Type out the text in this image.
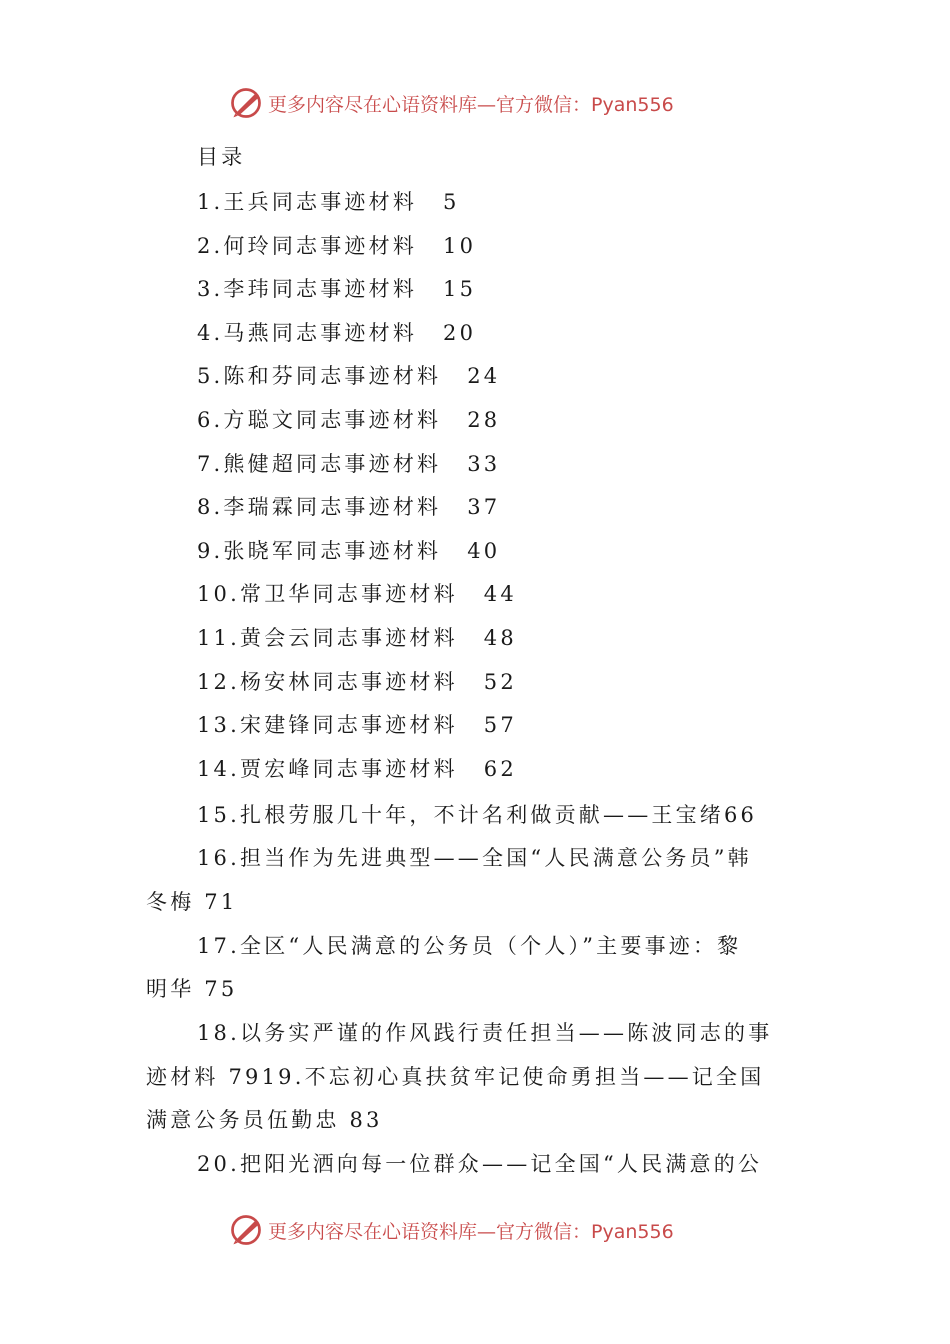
更多内容尽在心语资料库—官方微信：Pyan556
目录
1.王兵同志事迹材料 5
2.何玲同志事迹材料 10
3.李玮同志事迹材料 15
4.马燕同志事迹材料 20
5.陈和芬同志事迹材料 24
6.方聪文同志事迹材料 28
7.熊健超同志事迹材料 33
8.李瑞霖同志事迹材料 37
9.张晓军同志事迹材料 40
10.常卫华同志事迹材料 44
11.黄会云同志事迹材料 48
12.杨安林同志事迹材料 52
13.宋建锋同志事迹材料 57
14.贾宏峰同志事迹材料 62
15.扎根劳服几十年，不计名利做贡献——王宝绪66
16.担当作为先进典型——全国“人民满意公务员”韩
冬梅 71
17.全区“人民满意的公务员（个人）”主要事迹：黎
明华 75
18.以务实严谨的作风践行责任担当——陈波同志的事
迹材料 7919.不忘初心真扶贫牢记使命勇担当——记全国
满意公务员伍勤忠 83
20.把阳光洒向每一位群众——记全国“人民满意的公
更多内容尽在心语资料库—官方微信：Pyan556
